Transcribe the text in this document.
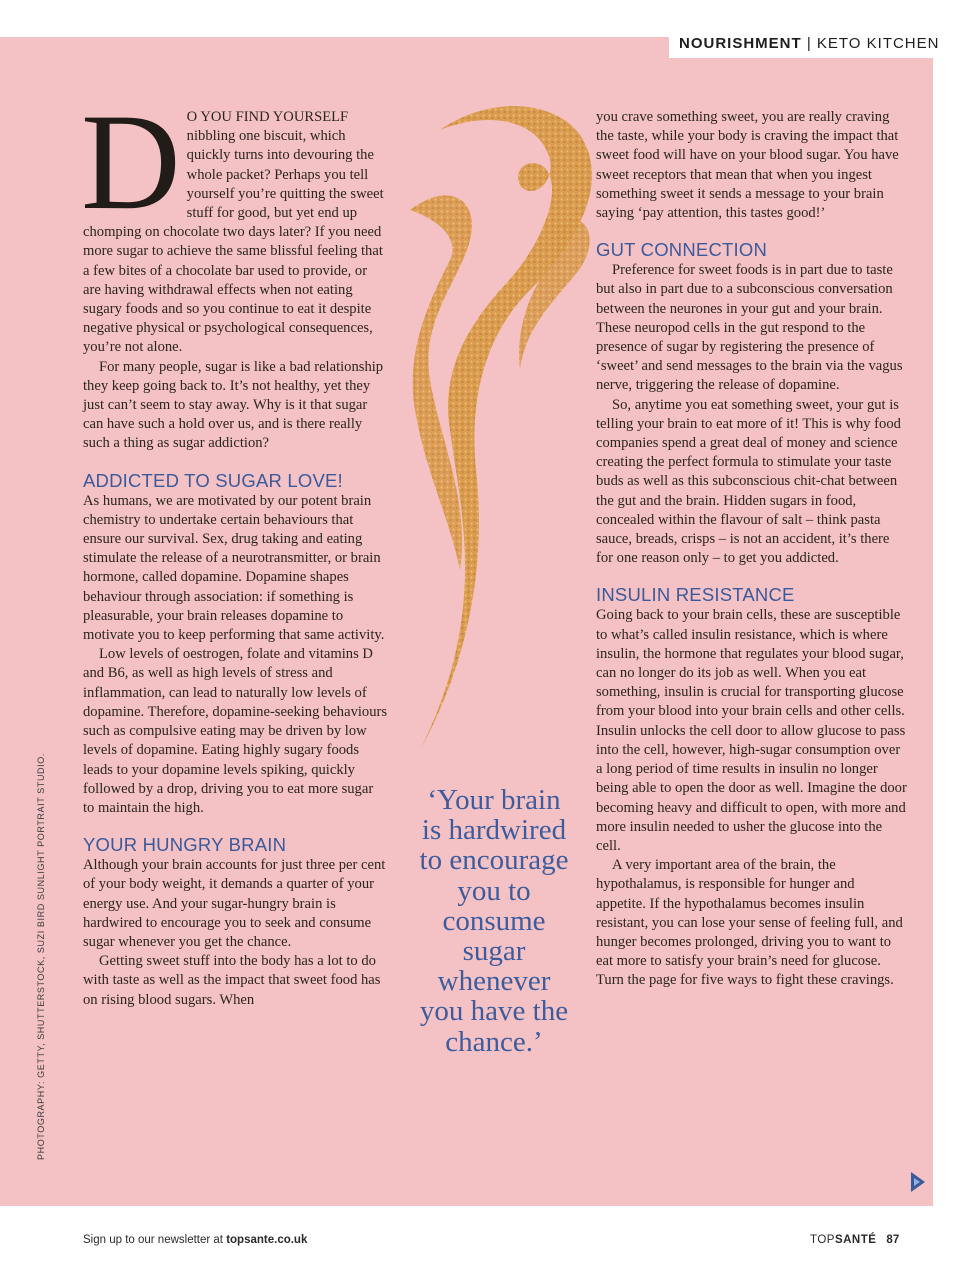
NOURISHMENT | KETO KITCHEN

D O YOU FIND YOURSELF nibbling one biscuit, which quickly turns into devouring the whole packet? Perhaps you tell yourself you’re quitting the sweet stuff for good, but yet end up chomping on chocolate two days later? If you need more sugar to achieve the same blissful feeling that a few bites of a chocolate bar used to provide, or are having withdrawal effects when not eating sugary foods and so you continue to eat it despite negative physical or psychological consequences, you’re not alone.

For many people, sugar is like a bad relationship they keep going back to. It’s not healthy, yet they just can’t seem to stay away. Why is it that sugar can have such a hold over us, and is there really such a thing as sugar addiction?

ADDICTED TO SUGAR LOVE!

As humans, we are motivated by our potent brain chemistry to undertake certain behaviours that ensure our survival. Sex, drug taking and eating stimulate the release of a neurotransmitter, or brain hormone, called dopamine. Dopamine shapes behaviour through association: if something is pleasurable, your brain releases dopamine to motivate you to keep performing that same activity.

Low levels of oestrogen, folate and vitamins D and B6, as well as high levels of stress and inflammation, can lead to naturally low levels of dopamine. Therefore, dopamine-seeking behaviours such as compulsive eating may be driven by low levels of dopamine. Eating highly sugary foods leads to your dopamine levels spiking, quickly followed by a drop, driving you to eat more sugar to maintain the high.

YOUR HUNGRY BRAIN

Although your brain accounts for just three per cent of your body weight, it demands a quarter of your energy use. And your sugar-hungry brain is hardwired to encourage you to seek and consume sugar whenever you get the chance.

Getting sweet stuff into the body has a lot to do with taste as well as the impact that sweet food has on rising blood sugars. When

‘Your brain is hardwired to encourage you to consume sugar whenever you have the chance.’

you crave something sweet, you are really craving the taste, while your body is craving the impact that sweet food will have on your blood sugar. You have sweet receptors that mean that when you ingest something sweet it sends a message to your brain saying ‘pay attention, this tastes good!’

GUT CONNECTION

Preference for sweet foods is in part due to taste but also in part due to a subconscious conversation between the neurones in your gut and your brain. These neuropod cells in the gut respond to the presence of sugar by registering the presence of ‘sweet’ and send messages to the brain via the vagus nerve, triggering the release of dopamine.

So, anytime you eat something sweet, your gut is telling your brain to eat more of it! This is why food companies spend a great deal of money and science creating the perfect formula to stimulate your taste buds as well as this subconscious chit-chat between the gut and the brain. Hidden sugars in food, concealed within the flavour of salt – think pasta sauce, breads, crisps – is not an accident, it’s there for one reason only – to get you addicted.

INSULIN RESISTANCE

Going back to your brain cells, these are susceptible to what’s called insulin resistance, which is where insulin, the hormone that regulates your blood sugar, can no longer do its job as well. When you eat something, insulin is crucial for transporting glucose from your blood into your brain cells and other cells. Insulin unlocks the cell door to allow glucose to pass into the cell, however, high-sugar consumption over a long period of time results in insulin no longer being able to open the door as well. Imagine the door becoming heavy and difficult to open, with more and more insulin needed to usher the glucose into the cell.

A very important area of the brain, the hypothalamus, is responsible for hunger and appetite. If the hypothalamus becomes insulin resistant, you can lose your sense of feeling full, and hunger becomes prolonged, driving you to want to eat more to satisfy your brain’s need for glucose. Turn the page for five ways to fight these cravings.

PHOTOGRAPHY: GETTY, SHUTTERSTOCK, SUZI BIRD SUNLIGHT PORTRAIT STUDIO.
Sign up to our newsletter at topsante.co.uk	TOPSANTÉ 87
